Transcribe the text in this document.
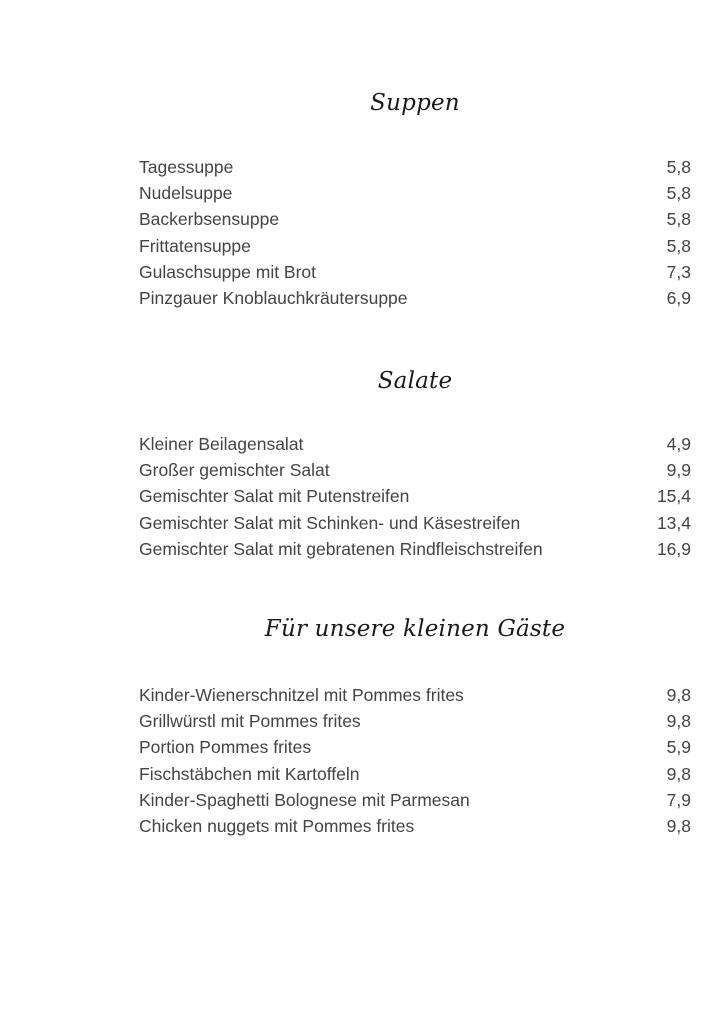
Suppen
Tagessuppe	5,8
Nudelsuppe	5,8
Backerbsensuppe	5,8
Frittatensuppe	5,8
Gulaschsuppe mit Brot	7,3
Pinzgauer Knoblauchkräutersuppe	6,9
Salate
Kleiner Beilagensalat	4,9
Großer gemischter Salat	9,9
Gemischter Salat mit Putenstreifen	15,4
Gemischter Salat mit Schinken- und Käsestreifen	13,4
Gemischter Salat mit gebratenen Rindfleischstreifen	16,9
Für unsere kleinen Gäste
Kinder-Wienerschnitzel mit Pommes frites	9,8
Grillwürstl mit Pommes frites	9,8
Portion Pommes frites	5,9
Fischstäbchen mit Kartoffeln	9,8
Kinder-Spaghetti Bolognese mit Parmesan	7,9
Chicken nuggets mit Pommes frites	9,8
